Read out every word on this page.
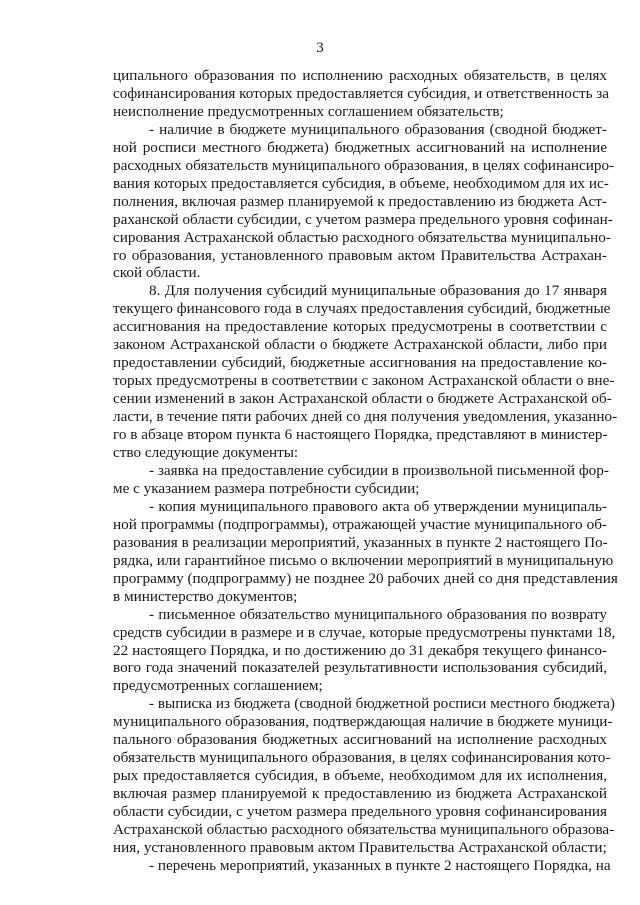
3
ципального образования по исполнению расходных обязательств, в целях
софинансирования которых предоставляется субсидия, и ответственность за
неисполнение предусмотренных соглашением обязательств;
- наличие в бюджете муниципального образования (сводной бюджет-
ной росписи местного бюджета) бюджетных ассигнований на исполнение
расходных обязательств муниципального образования, в целях софинансиро-
вания которых предоставляется субсидия, в объеме, необходимом для их ис-
полнения, включая размер планируемой к предоставлению из бюджета Аст-
раханской области субсидии, с учетом размера предельного уровня софинан-
сирования Астраханской областью расходного обязательства муниципально-
го образования, установленного правовым актом Правительства Астрахан-
ской области.
8. Для получения субсидий муниципальные образования до 17 января
текущего финансового года в случаях предоставления субсидий, бюджетные
ассигнования на предоставление которых предусмотрены в соответствии с
законом Астраханской области о бюджете Астраханской области, либо при
предоставлении субсидий, бюджетные ассигнования на предоставление ко-
торых предусмотрены в соответствии с законом Астраханской области о вне-
сении изменений в закон Астраханской области о бюджете Астраханской об-
ласти, в течение пяти рабочих дней со дня получения уведомления, указанно-
го в абзаце втором пункта 6 настоящего Порядка, представляют в министер-
ство следующие документы:
- заявка на предоставление субсидии в произвольной письменной фор-
ме с указанием размера потребности субсидии;
- копия муниципального правового акта об утверждении муниципаль-
ной программы (подпрограммы), отражающей участие муниципального об-
разования в реализации мероприятий, указанных в пункте 2 настоящего По-
рядка, или гарантийное письмо о включении мероприятий в муниципальную
программу (подпрограмму) не позднее 20 рабочих дней со дня представления
в министерство документов;
- письменное обязательство муниципального образования по возврату
средств субсидии в размере и в случае, которые предусмотрены пунктами 18,
22 настоящего Порядка, и по достижению до 31 декабря текущего финансо-
вого года значений показателей результативности использования субсидий,
предусмотренных соглашением;
- выписка из бюджета (сводной бюджетной росписи местного бюджета)
муниципального образования, подтверждающая наличие в бюджете муници-
пального образования бюджетных ассигнований на исполнение расходных
обязательств муниципального образования, в целях софинансирования кото-
рых предоставляется субсидия, в объеме, необходимом для их исполнения,
включая размер планируемой к предоставлению из бюджета Астраханской
области субсидии, с учетом размера предельного уровня софинансирования
Астраханской областью расходного обязательства муниципального образова-
ния, установленного правовым актом Правительства Астраханской области;
- перечень мероприятий, указанных в пункте 2 настоящего Порядка, на
